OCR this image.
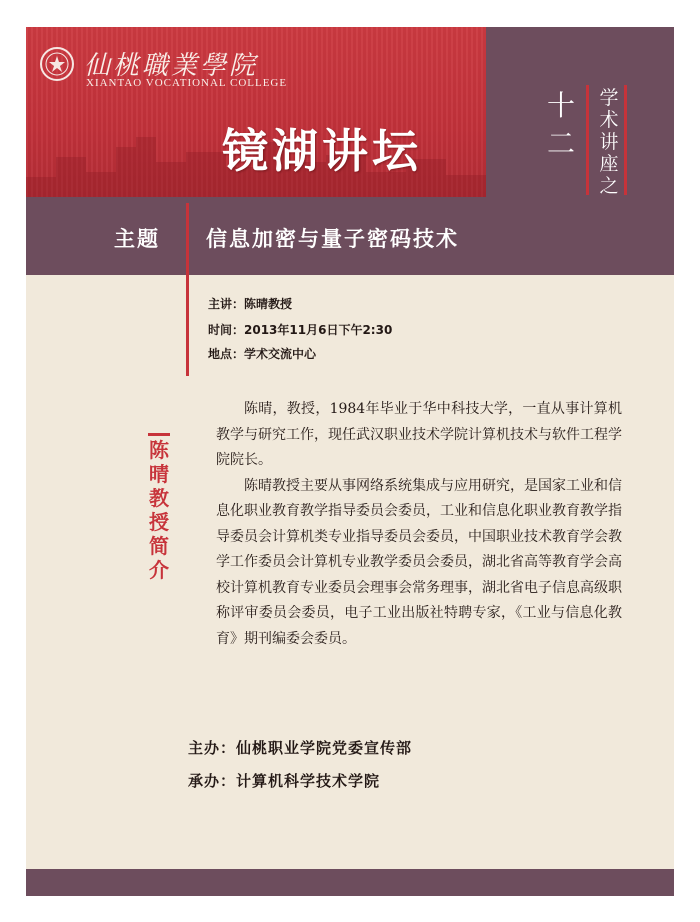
仙桃職業學院
XIANTAO VOCATIONAL COLLEGE
镜湖讲坛
十二
学术讲座之
主题 信息加密与量子密码技术
主讲：陈晴教授
时间：2013年11月6日下午2:30
地点：学术交流中心
陈
晴
教
授
简
介

陈晴，教授，1984年毕业于华中科技大学，一直从事计算机教学与研究工作，现任武汉职业技术学院计算机技术与软件工程学院院长。

陈晴教授主要从事网络系统集成与应用研究，是国家工业和信息化职业教育教学指导委员会委员，工业和信息化职业教育教学指导委员会计算机类专业指导委员会委员，中国职业技术教育学会教学工作委员会计算机专业教学委员会委员，湖北省高等教育学会高校计算机教育专业委员会理事会常务理事，湖北省电子信息高级职称评审委员会委员，电子工业出版社特聘专家，《工业与信息化教育》期刊编委会委员。

主办：仙桃职业学院党委宣传部
承办：计算机科学技术学院
